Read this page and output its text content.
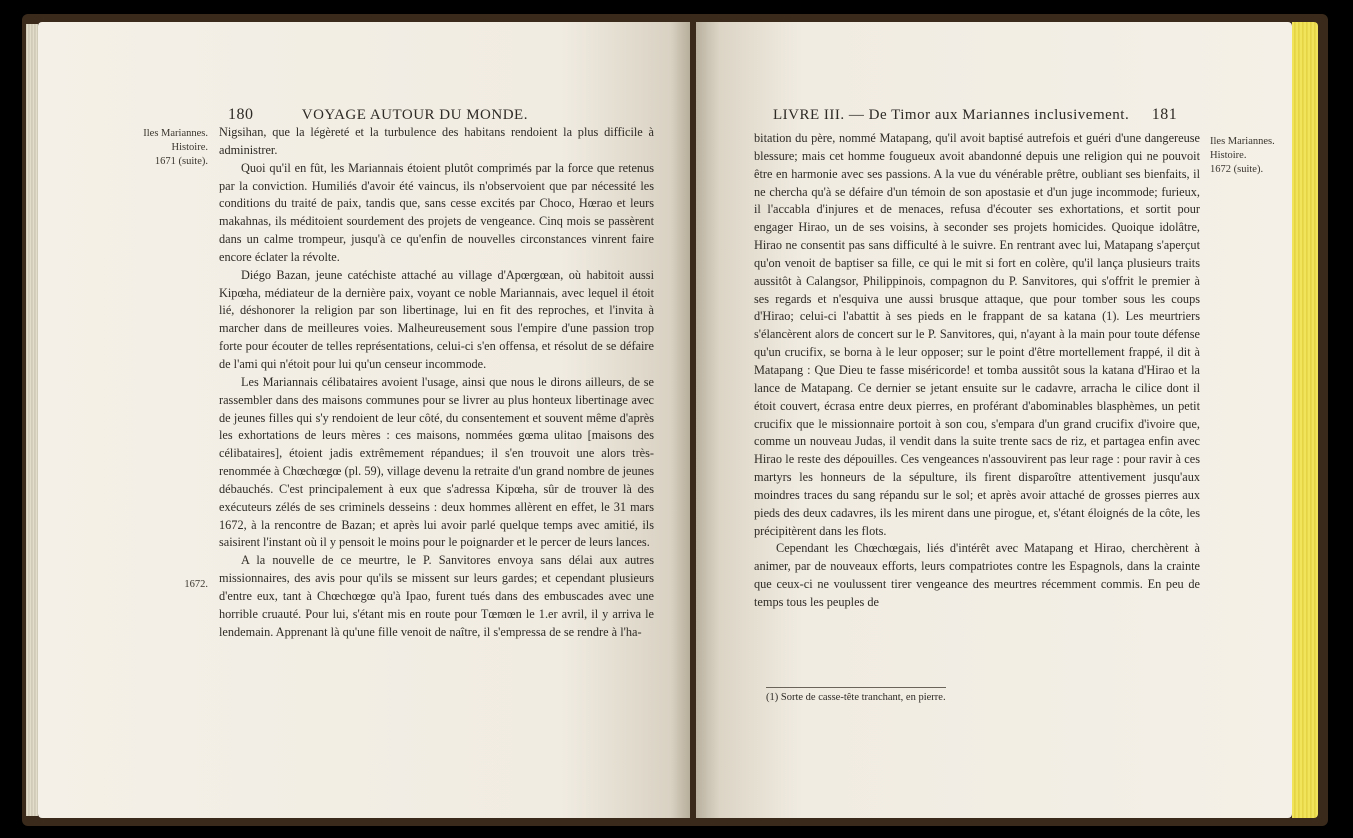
180	VOYAGE AUTOUR DU MONDE.
Iles Mariannes.
Histoire.
1671 (suite).
1672.

Nigsihan, que la légèreté et la turbulence des habitans rendoient la plus difficile à administrer.

Quoi qu'il en fût, les Mariannais étoient plutôt comprimés par la force que retenus par la conviction. Humiliés d'avoir été vaincus, ils n'observoient que par nécessité les conditions du traité de paix, tandis que, sans cesse excités par Choco, Hœrao et leurs makahnas, ils méditoient sourdement des projets de vengeance. Cinq mois se passèrent dans un calme trompeur, jusqu'à ce qu'enfin de nouvelles circonstances vinrent faire encore éclater la révolte.

Diégo Bazan, jeune catéchiste attaché au village d'Apœrgœan, où habitoit aussi Kipœha, médiateur de la dernière paix, voyant ce noble Mariannais, avec lequel il étoit lié, déshonorer la religion par son libertinage, lui en fit des reproches, et l'invita à marcher dans de meilleures voies. Malheureusement sous l'empire d'une passion trop forte pour écouter de telles représentations, celui-ci s'en offensa, et résolut de se défaire de l'ami qui n'étoit pour lui qu'un censeur incommode.

Les Mariannais célibataires avoient l'usage, ainsi que nous le dirons ailleurs, de se rassembler dans des maisons communes pour se livrer au plus honteux libertinage avec de jeunes filles qui s'y rendoient de leur côté, du consentement et souvent même d'après les exhortations de leurs mères : ces maisons, nommées gœma ulitao [maisons des célibataires], étoient jadis extrêmement répandues; il s'en trouvoit une alors très-renommée à Chœchœgœ (pl. 59), village devenu la retraite d'un grand nombre de jeunes débauchés. C'est principalement à eux que s'adressa Kipœha, sûr de trouver là des exécuteurs zélés de ses criminels desseins : deux hommes allèrent en effet, le 31 mars 1672, à la rencontre de Bazan; et après lui avoir parlé quelque temps avec amitié, ils saisirent l'instant où il y pensoit le moins pour le poignarder et le percer de leurs lances.

A la nouvelle de ce meurtre, le P. Sanvitores envoya sans délai aux autres missionnaires, des avis pour qu'ils se missent sur leurs gardes; et cependant plusieurs d'entre eux, tant à Chœchœgœ qu'à Ipao, furent tués dans des embuscades avec une horrible cruauté. Pour lui, s'étant mis en route pour Tœmœn le 1.er avril, il y arriva le lendemain. Apprenant là qu'une fille venoit de naître, il s'empressa de se rendre à l'ha-

LIVRE III. — De Timor aux Mariannes inclusivement. 181
Iles Mariannes.
Histoire.
1672 (suite).

bitation du père, nommé Matapang, qu'il avoit baptisé autrefois et guéri d'une dangereuse blessure; mais cet homme fougueux avoit abandonné depuis une religion qui ne pouvoit être en harmonie avec ses passions. A la vue du vénérable prêtre, oubliant ses bienfaits, il ne chercha qu'à se défaire d'un témoin de son apostasie et d'un juge incommode; furieux, il l'accabla d'injures et de menaces, refusa d'écouter ses exhortations, et sortit pour engager Hirao, un de ses voisins, à seconder ses projets homicides. Quoique idolâtre, Hirao ne consentit pas sans difficulté à le suivre. En rentrant avec lui, Matapang s'aperçut qu'on venoit de baptiser sa fille, ce qui le mit si fort en colère, qu'il lança plusieurs traits aussitôt à Calangsor, Philippinois, compagnon du P. Sanvitores, qui s'offrit le premier à ses regards et n'esquiva une aussi brusque attaque, que pour tomber sous les coups d'Hirao; celui-ci l'abattit à ses pieds en le frappant de sa katana (1). Les meurtriers s'élancèrent alors de concert sur le P. Sanvitores, qui, n'ayant à la main pour toute défense qu'un crucifix, se borna à le leur opposer; sur le point d'être mortellement frappé, il dit à Matapang : Que Dieu te fasse miséricorde! et tomba aussitôt sous la katana d'Hirao et la lance de Matapang. Ce dernier se jetant ensuite sur le cadavre, arracha le cilice dont il étoit couvert, écrasa entre deux pierres, en proférant d'abominables blasphèmes, un petit crucifix que le missionnaire portoit à son cou, s'empara d'un grand crucifix d'ivoire que, comme un nouveau Judas, il vendit dans la suite trente sacs de riz, et partagea enfin avec Hirao le reste des dépouilles. Ces vengeances n'assouvirent pas leur rage : pour ravir à ces martyrs les honneurs de la sépulture, ils firent disparoître attentivement jusqu'aux moindres traces du sang répandu sur le sol; et après avoir attaché de grosses pierres aux pieds des deux cadavres, ils les mirent dans une pirogue, et, s'étant éloignés de la côte, les précipitèrent dans les flots.

Cependant les Chœchœgais, liés d'intérêt avec Matapang et Hirao, cherchèrent à animer, par de nouveaux efforts, leurs compatriotes contre les Espagnols, dans la crainte que ceux-ci ne voulussent tirer vengeance des meurtres récemment commis. En peu de temps tous les peuples de

(1) Sorte de casse-tête tranchant, en pierre.
